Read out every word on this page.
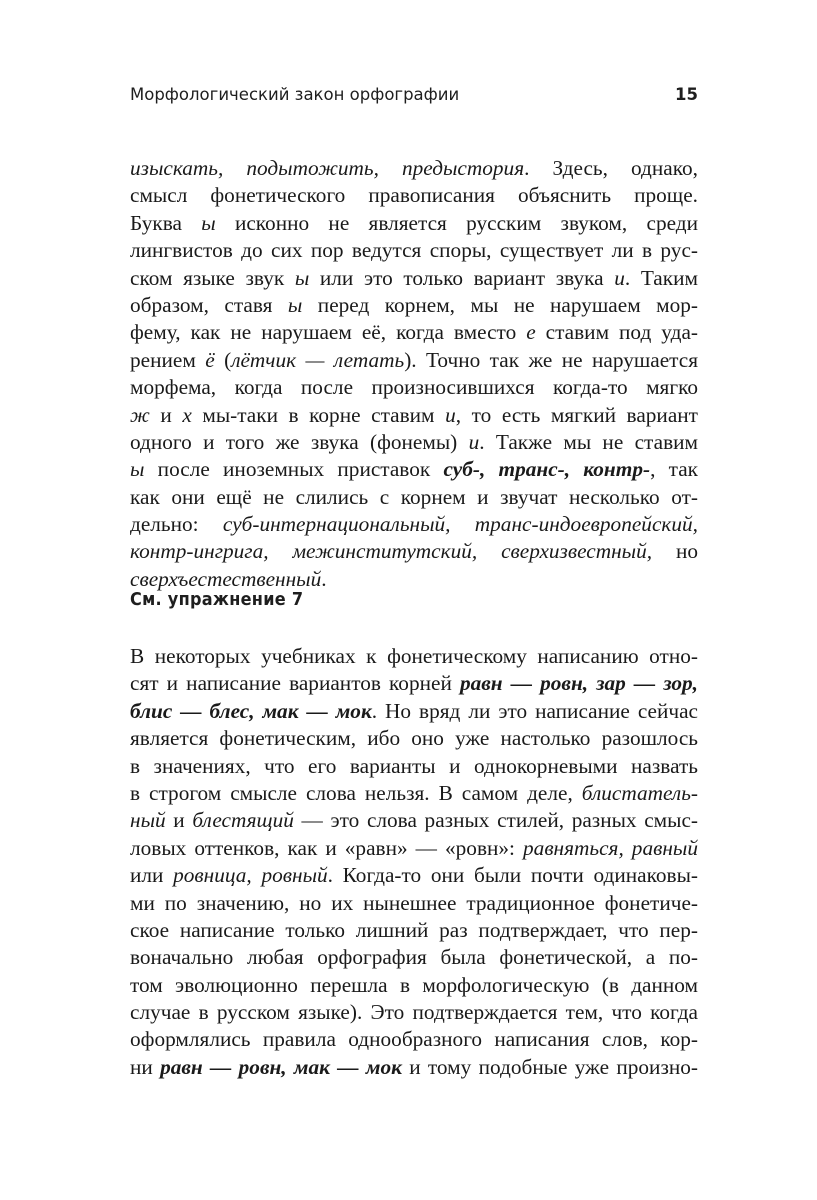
Морфологический закон орфографии	15
изыскать, подытожить, предыстория. Здесь, однако,
смысл фонетического правописания объяснить проще.
Буква ы исконно не является русским звуком, среди
лингвистов до сих пор ведутся споры, существует ли в рус-
ском языке звук ы или это только вариант звука и. Таким
образом, ставя ы перед корнем, мы не нарушаем мор-
фему, как не нарушаем её, когда вместо е ставим под уда-
рением ё (лётчик — летать). Точно так же не нарушается
морфема, когда после произносившихся когда-то мягко
ж и х мы-таки в корне ставим и, то есть мягкий вариант
одного и того же звука (фонемы) и. Также мы не ставим
ы после иноземных приставок суб-, транс-, контр-, так
как они ещё не слились с корнем и звучат несколько от-
дельно: суб-интернациональный, транс-индоевропейский,
контр-ингрига, межинститутский, сверхизвестный, но
сверхъестественный.
См. упражнение 7
В некоторых учебниках к фонетическому написанию отно-
сят и написание вариантов корней равн — ровн, зар — зор,
блис — блес, мак — мок. Но вряд ли это написание сейчас
является фонетическим, ибо оно уже настолько разошлось
в значениях, что его варианты и однокорневыми назвать
в строгом смысле слова нельзя. В самом деле, блистатель-
ный и блестящий — это слова разных стилей, разных смыс-
ловых оттенков, как и «равн» — «ровн»: равняться, равный
или ровница, ровный. Когда-то они были почти одинаковы-
ми по значению, но их нынешнее традиционное фонетиче-
ское написание только лишний раз подтверждает, что пер-
воначально любая орфография была фонетической, а по-
том эволюционно перешла в морфологическую (в данном
случае в русском языке). Это подтверждается тем, что когда
оформлялись правила однообразного написания слов, кор-
ни равн — ровн, мак — мок и тому подобные уже произно-
